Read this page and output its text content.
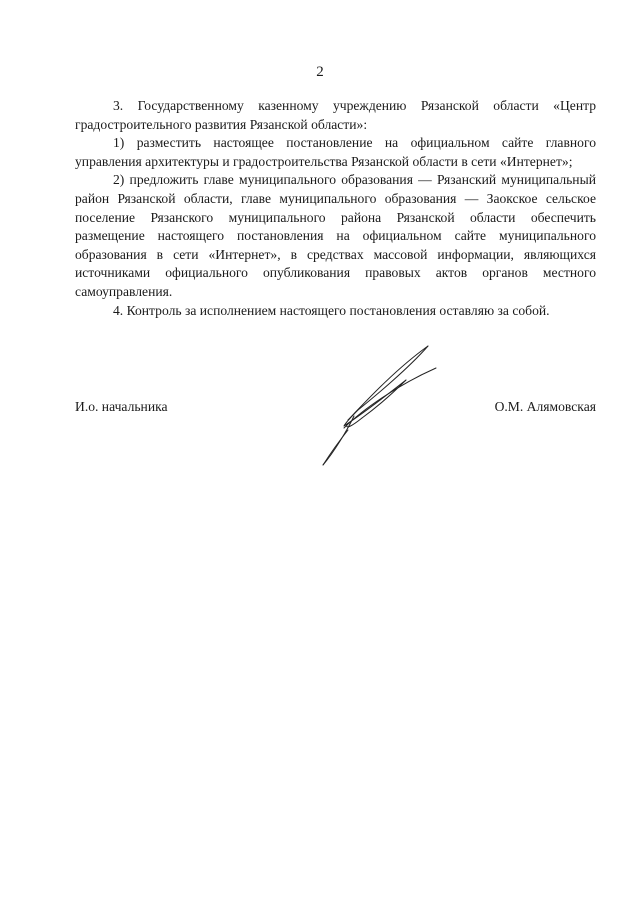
2

3. Государственному казенному учреждению Рязанской области «Центр градостроительного развития Рязанской области»:

1) разместить настоящее постановление на официальном сайте главного управления архитектуры и градостроительства Рязанской области в сети «Интернет»;

2) предложить главе муниципального образования — Рязанский муниципальный район Рязанской области, главе муниципального образования — Заокское сельское поселение Рязанского муниципального района Рязанской области обеспечить размещение настоящего постановления на официальном сайте муниципального образования в сети «Интернет», в средствах массовой информации, являющихся источниками официального опубликования правовых актов органов местного самоуправления.

4. Контроль за исполнением настоящего постановления оставляю за собой.

И.о. начальника	О.М. Алямовская
